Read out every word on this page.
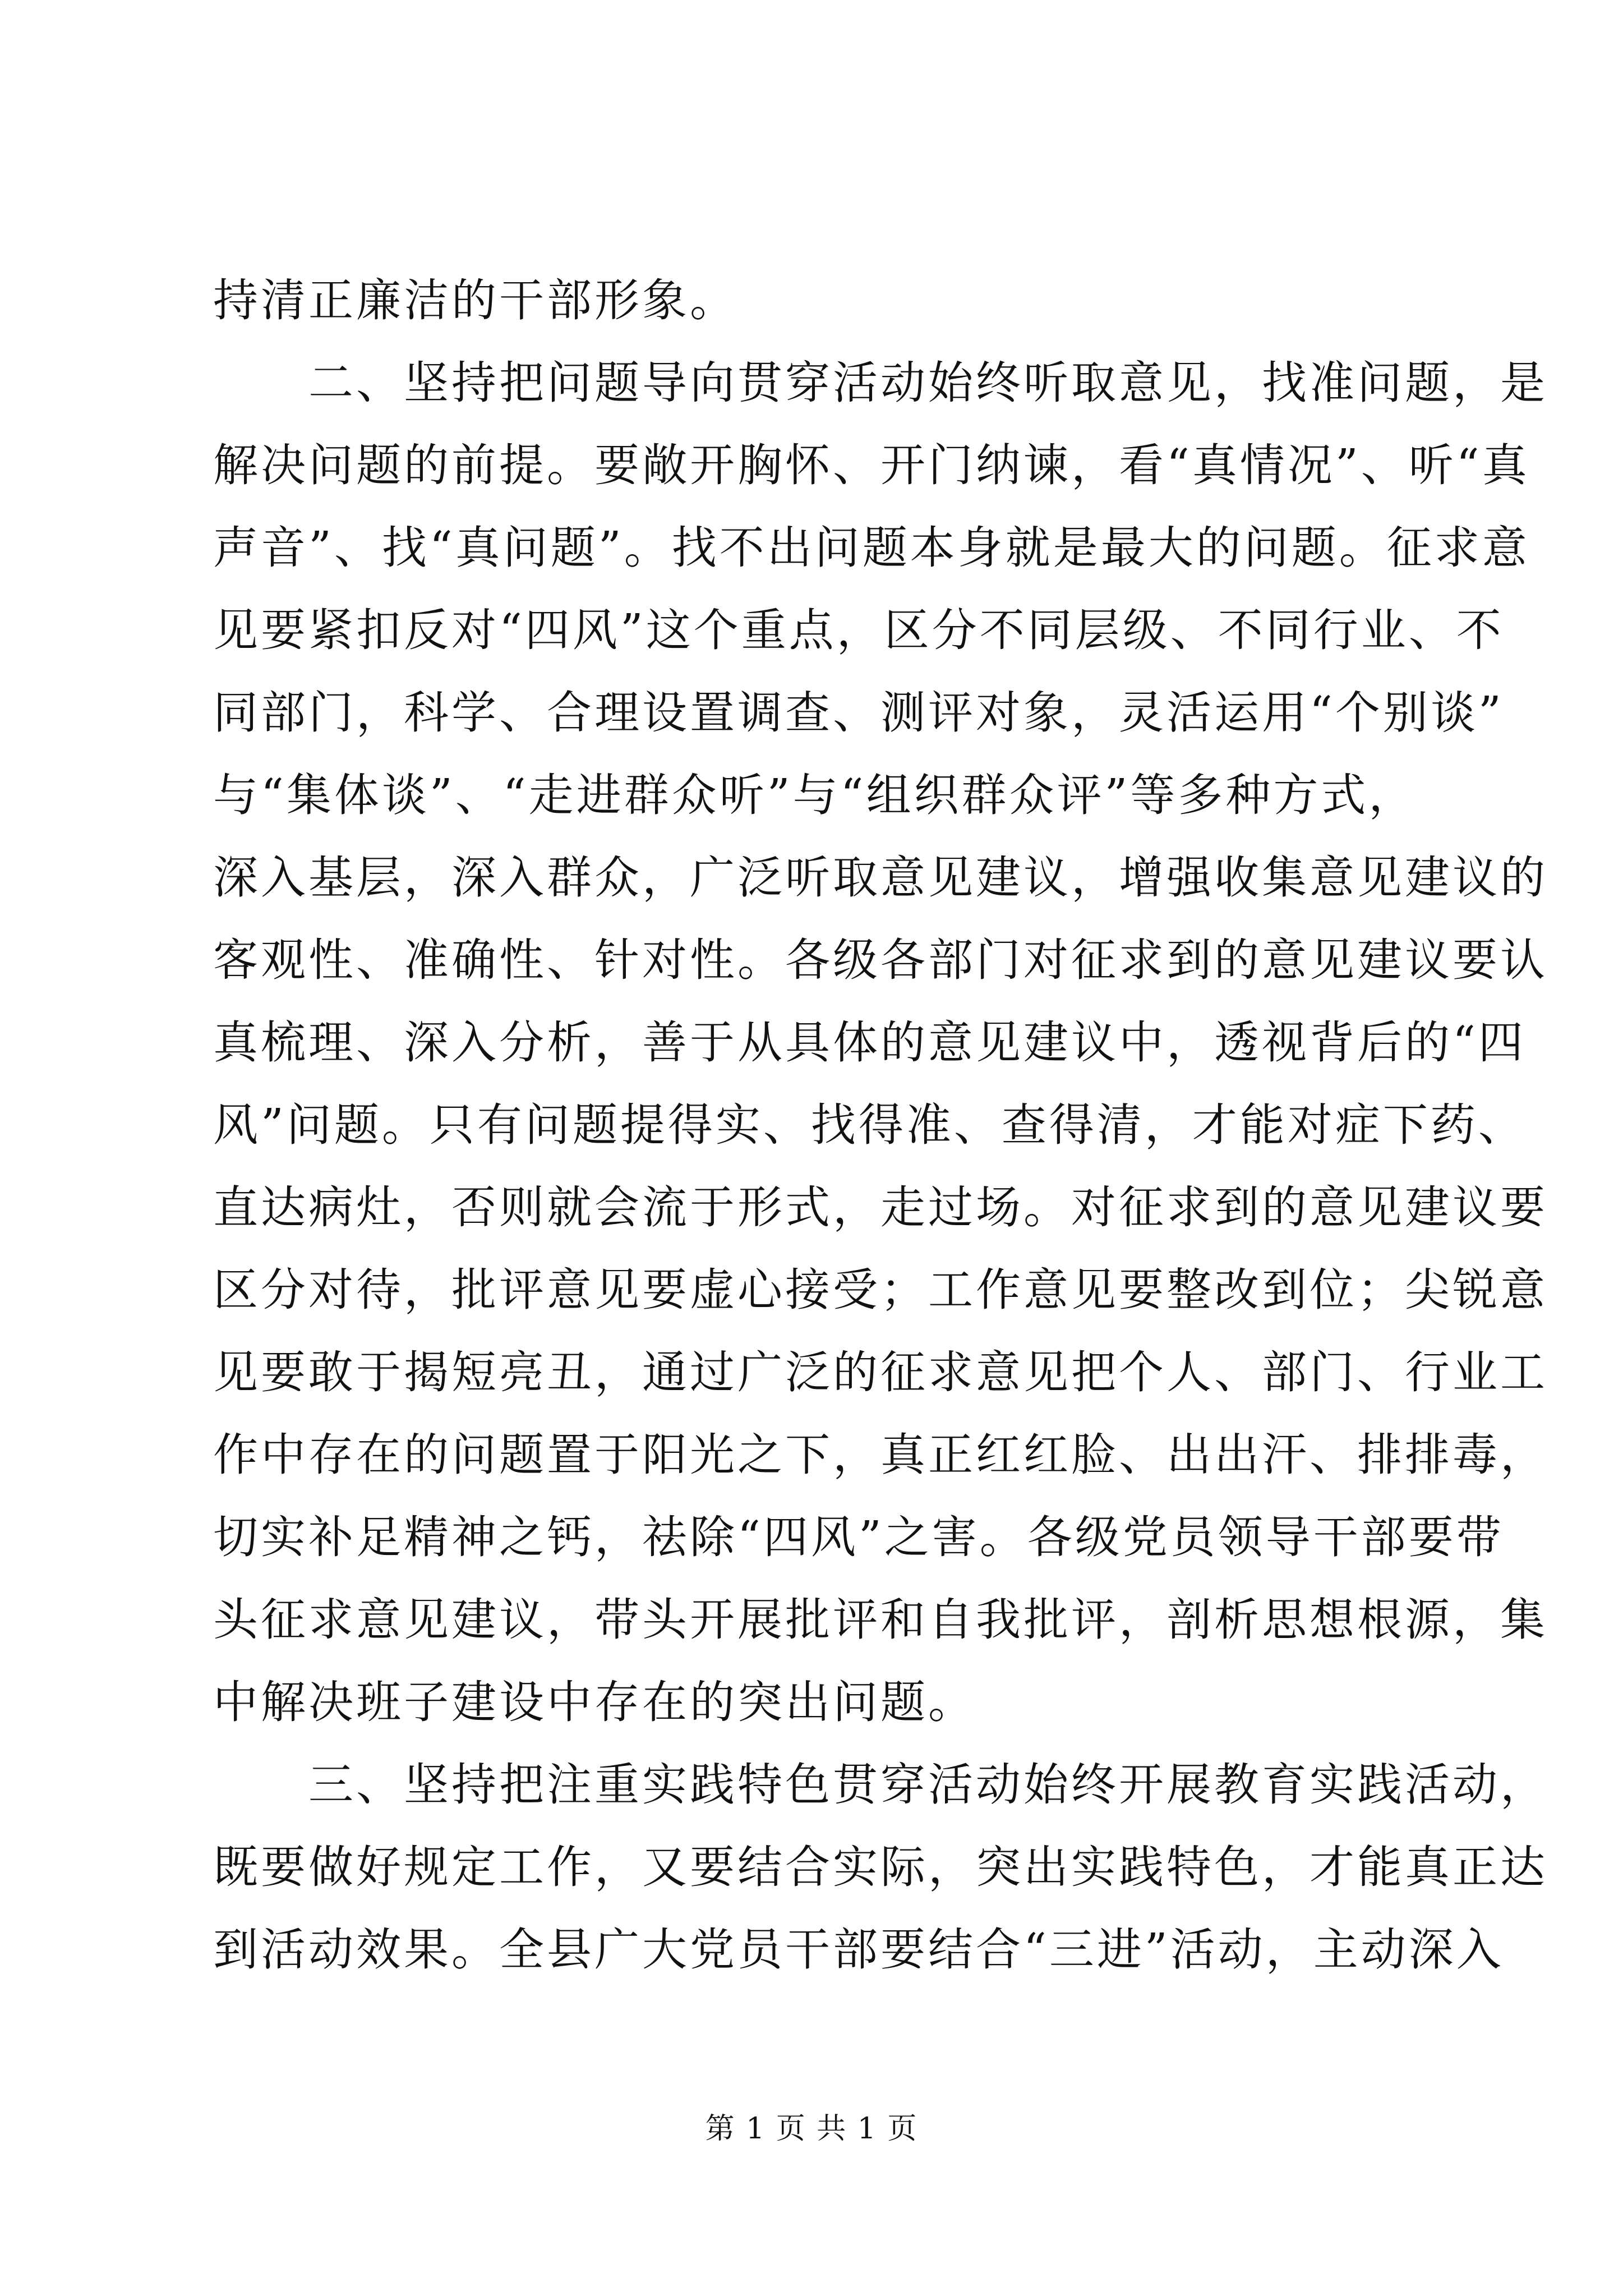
持清正廉洁的干部形象。
　　二、坚持把问题导向贯穿活动始终听取意见，找准问题，是
解决问题的前提。要敞开胸怀、开门纳谏，看“真情况”、听“真
声音”、找“真问题”。找不出问题本身就是最大的问题。征求意
见要紧扣反对“四风”这个重点，区分不同层级、不同行业、不
同部门，科学、合理设置调查、测评对象，灵活运用“个别谈”
与“集体谈”、“走进群众听”与“组织群众评”等多种方式，
深入基层，深入群众，广泛听取意见建议，增强收集意见建议的
客观性、准确性、针对性。各级各部门对征求到的意见建议要认
真梳理、深入分析，善于从具体的意见建议中，透视背后的“四
风”问题。只有问题提得实、找得准、查得清，才能对症下药、
直达病灶，否则就会流于形式，走过场。对征求到的意见建议要
区分对待，批评意见要虚心接受；工作意见要整改到位；尖锐意
见要敢于揭短亮丑，通过广泛的征求意见把个人、部门、行业工
作中存在的问题置于阳光之下，真正红红脸、出出汗、排排毒，
切实补足精神之钙，祛除“四风”之害。各级党员领导干部要带
头征求意见建议，带头开展批评和自我批评，剖析思想根源，集
中解决班子建设中存在的突出问题。
　　三、坚持把注重实践特色贯穿活动始终开展教育实践活动，
既要做好规定工作，又要结合实际，突出实践特色，才能真正达
到活动效果。全县广大党员干部要结合“三进”活动，主动深入
第 1 页 共 1 页
